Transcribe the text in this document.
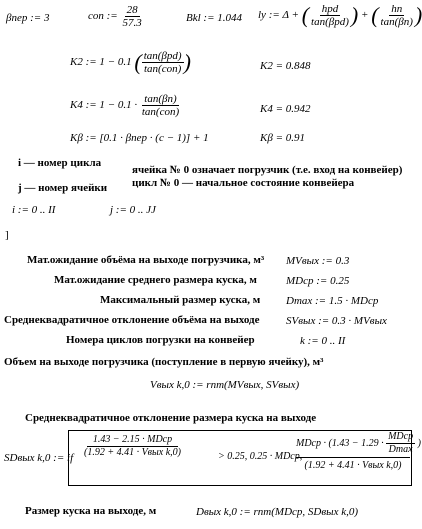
βnep := 3	con := $\frac{28}{57.3}$	Bkl := 1.044 ly := Δ + ( $\frac{\text{hpd}}{\text{tan(βpd)}}$ ) + ( $\frac{hn}{\tan(\beta n)}$ )
K2 := 1 − 0.1 ( $\frac{\text{tan(βpd)}}{\text{tan(con)}}$ )	K2 = 0.848
K4 := $1 - 0.1 \cdot \frac{\tan(\beta n)}{\text{tan(con)}}$	K4 = 0.942
Kβ := [0.1 · βnep · (c − 1)] + 1	Kβ = 0.91
i — номер цикла
ячейка № 0 означает погрузчик (т.е. вход на конвейер)
цикл № 0 — начальное состояние конвейера
j — номер ячейки
i := 0 .. II	j := 0 .. JJ
]
Мат.ожидание объёма на выходе погрузчика, м³ MVвых := 0.3
Мат.ожидание среднего размера куска, м	MDср := 0.25
Максимальный размер куска, м Dmax := 1.5 · MDср
Среднеквадратичное отклонение объёма на выходе SVвых := 0.3 · MVвых
Номера циклов погрузки на конвейер	k := 0 .. II
Объем на выходе погрузчика (поступление в первую ячейку), м³
Vвых k,0 := rnm(MVвых, SVвых)
Среднеквадратичное отклонение размера куска на выходе
SDвых k,0 := if $\frac{\text{1.43 − 2.15 · MDср}}{\text{(1.92 + 4.41 · Vвых k,0)}}$	> 0.25, 0.25 · MDср,
MDср · ($1.43 - 1.29 \cdot \frac{\text{MDср}}{Dmax}$ )
(1.92 + 4.41 · Vвых k,0)
Размер куска на выходе, м	Dвых k,0 := rnm(MDср, SDвых k,0)
